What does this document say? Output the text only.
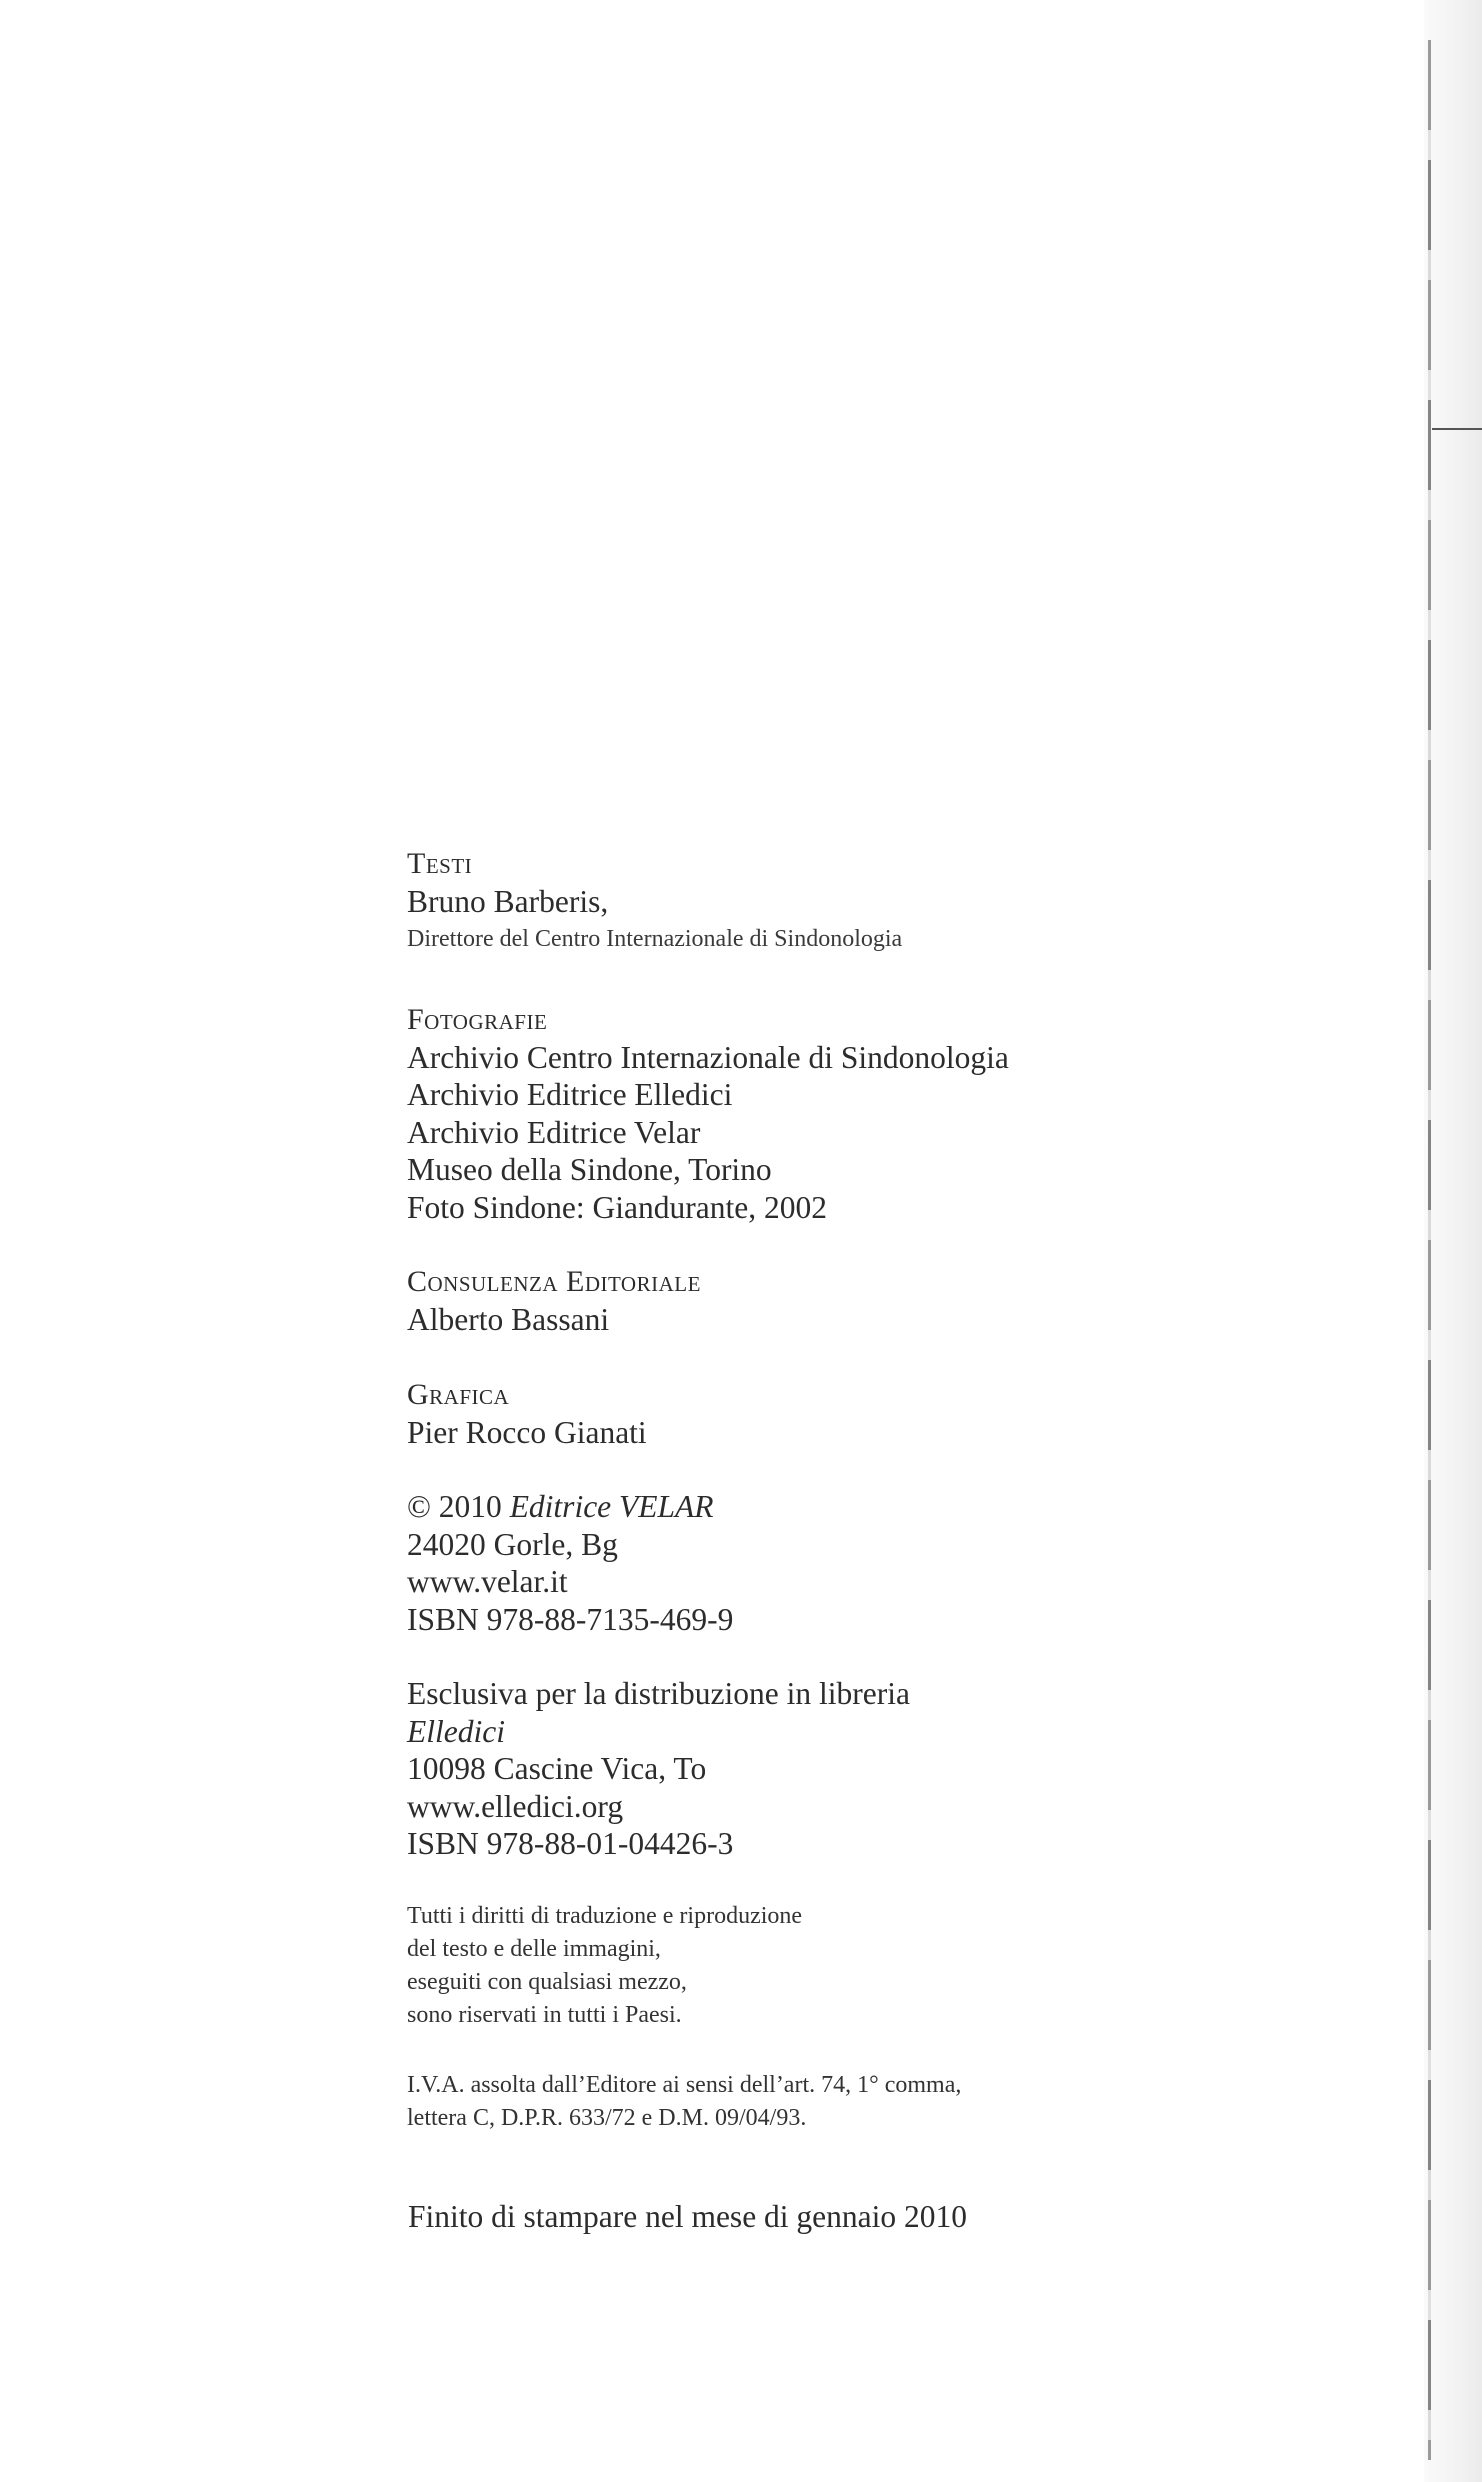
Testi
Bruno Barberis,
Direttore del Centro Internazionale di Sindonologia
Fotografie
Archivio Centro Internazionale di Sindonologia
Archivio Editrice Elledici
Archivio Editrice Velar
Museo della Sindone, Torino
Foto Sindone: Giandurante, 2002
Consulenza Editoriale
Alberto Bassani
Grafica
Pier Rocco Gianati
© 2010 Editrice VELAR
24020 Gorle, Bg
www.velar.it
ISBN 978-88-7135-469-9
Esclusiva per la distribuzione in libreria
Elledici
10098 Cascine Vica, To
www.elledici.org
ISBN 978-88-01-04426-3
Tutti i diritti di traduzione e riproduzione
del testo e delle immagini,
eseguiti con qualsiasi mezzo,
sono riservati in tutti i Paesi.
I.V.A. assolta dall’Editore ai sensi dell’art. 74, 1° comma,
lettera C, D.P.R. 633/72 e D.M. 09/04/93.
Finito di stampare nel mese di gennaio 2010
